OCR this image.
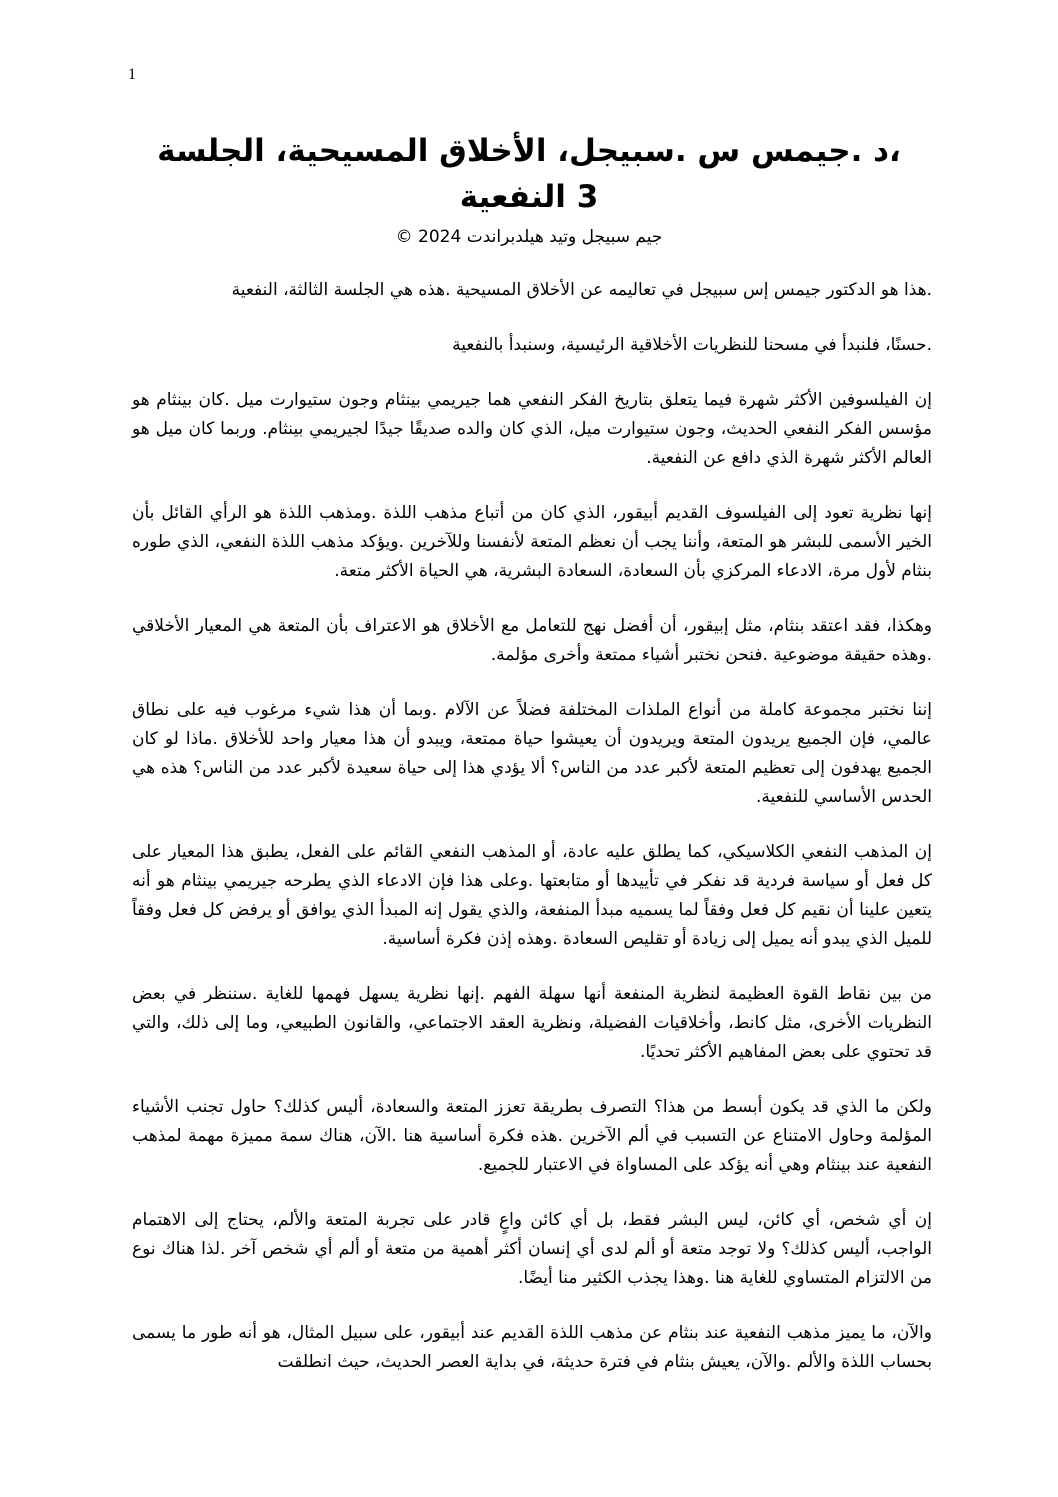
1
،د .جيمس س .سبيجل، الأخلاق المسيحية، الجلسة 3 النفعية
جيم سبيجل وتيد هيلدبراندت 2024 ©

.هذا هو الدكتور جيمس إس سبيجل في تعاليمه عن الأخلاق المسيحية .هذه هي الجلسة الثالثة، النفعية

.حسنًا، فلنبدأ في مسحنا للنظريات الأخلاقية الرئيسية، وسنبدأ بالنفعية

إن الفيلسوفين الأكثر شهرة فيما يتعلق بتاريخ الفكر النفعي هما جيريمي بينثام وجون ستيوارت ميل .كان بينثام هو مؤسس الفكر النفعي الحديث، وجون ستيوارت ميل، الذي كان والده صديقًا جيدًا لجيريمي بينثام. وربما كان ميل هو العالم الأكثر شهرة الذي دافع عن النفعية.

إنها نظرية تعود إلى الفيلسوف القديم أبيقور، الذي كان من أتباع مذهب اللذة .ومذهب اللذة هو الرأي القائل بأن الخير الأسمى للبشر هو المتعة، وأننا يجب أن نعظم المتعة لأنفسنا وللآخرين .ويؤكد مذهب اللذة النفعي، الذي طوره بنثام لأول مرة، الادعاء المركزي بأن السعادة، السعادة البشرية، هي الحياة الأكثر متعة.

وهكذا، فقد اعتقد بنثام، مثل إبيقور، أن أفضل نهج للتعامل مع الأخلاق هو الاعتراف بأن المتعة هي المعيار الأخلاقي .وهذه حقيقة موضوعية .فنحن نختبر أشياء ممتعة وأخرى مؤلمة.

إننا نختبر مجموعة كاملة من أنواع الملذات المختلفة فضلاً عن الآلام .وبما أن هذا شيء مرغوب فيه على نطاق عالمي، فإن الجميع يريدون المتعة ويريدون أن يعيشوا حياة ممتعة، ويبدو أن هذا معيار واحد للأخلاق .ماذا لو كان الجميع يهدفون إلى تعظيم المتعة لأكبر عدد من الناس؟ ألا يؤدي هذا إلى حياة سعيدة لأكبر عدد من الناس؟ هذه هي الحدس الأساسي للنفعية.

إن المذهب النفعي الكلاسيكي، كما يطلق عليه عادة، أو المذهب النفعي القائم على الفعل، يطبق هذا المعيار على كل فعل أو سياسة فردية قد نفكر في تأييدها أو متابعتها .وعلى هذا فإن الادعاء الذي يطرحه جيريمي بينثام هو أنه يتعين علينا أن نقيم كل فعل وفقاً لما يسميه مبدأ المنفعة، والذي يقول إنه المبدأ الذي يوافق أو يرفض كل فعل وفقاً للميل الذي يبدو أنه يميل إلى زيادة أو تقليص السعادة .وهذه إذن فكرة أساسية.

من بين نقاط القوة العظيمة لنظرية المنفعة أنها سهلة الفهم .إنها نظرية يسهل فهمها للغاية .سننظر في بعض النظريات الأخرى، مثل كانط، وأخلاقيات الفضيلة، ونظرية العقد الاجتماعي، والقانون الطبيعي، وما إلى ذلك، والتي قد تحتوي على بعض المفاهيم الأكثر تحديًا.

ولكن ما الذي قد يكون أبسط من هذا؟ التصرف بطريقة تعزز المتعة والسعادة، أليس كذلك؟ حاول تجنب الأشياء المؤلمة وحاول الامتناع عن التسبب في ألم الآخرين .هذه فكرة أساسية هنا .الآن، هناك سمة مميزة مهمة لمذهب النفعية عند بينثام وهي أنه يؤكد على المساواة في الاعتبار للجميع.

إن أي شخص، أي كائن، ليس البشر فقط، بل أي كائن واعٍ قادر على تجربة المتعة والألم، يحتاج إلى الاهتمام الواجب، أليس كذلك؟ ولا توجد متعة أو ألم لدى أي إنسان أكثر أهمية من متعة أو ألم أي شخص آخر .لذا هناك نوع من الالتزام المتساوي للغاية هنا .وهذا يجذب الكثير منا أيضًا.

والآن، ما يميز مذهب النفعية عند بنثام عن مذهب اللذة القديم عند أبيقور، على سبيل المثال، هو أنه طور ما يسمى بحساب اللذة والألم .والآن، يعيش بنثام في فترة حديثة، في بداية العصر الحديث، حيث انطلقت
